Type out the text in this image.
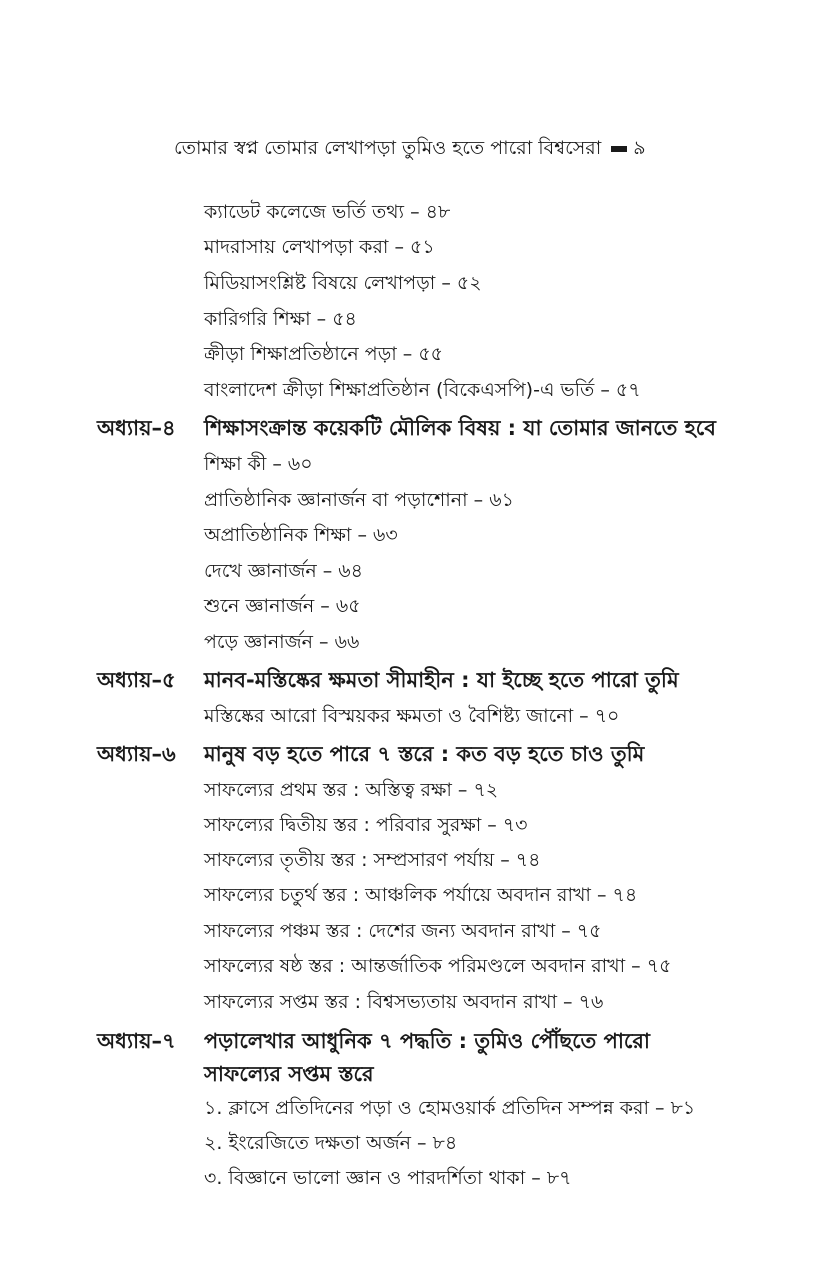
তোমার স্বপ্ন তোমার লেখাপড়া তুমিও হতে পারো বিশ্বসেরা ৯
ক্যাডেট কলেজে ভর্তি তথ্য – ৪৮
মাদরাসায় লেখাপড়া করা – ৫১
মিডিয়াসংশ্লিষ্ট বিষয়ে লেখাপড়া – ৫২
কারিগরি শিক্ষা – ৫৪
ক্রীড়া শিক্ষাপ্রতিষ্ঠানে পড়া – ৫৫
বাংলাদেশ ক্রীড়া শিক্ষাপ্রতিষ্ঠান (বিকেএসপি)-এ ভর্তি – ৫৭
অধ্যায়–৪ শিক্ষাসংক্রান্ত কয়েকটি মৌলিক বিষয় : যা তোমার জানতে হবে
শিক্ষা কী – ৬০
প্রাতিষ্ঠানিক জ্ঞানার্জন বা পড়াশোনা – ৬১
অপ্রাতিষ্ঠানিক শিক্ষা – ৬৩
দেখে জ্ঞানার্জন – ৬৪
শুনে জ্ঞানার্জন – ৬৫
পড়ে জ্ঞানার্জন – ৬৬
অধ্যায়–৫ মানব-মস্তিষ্কের ক্ষমতা সীমাহীন : যা ইচ্ছে হতে পারো তুমি
মস্তিষ্কের আরো বিস্ময়কর ক্ষমতা ও বৈশিষ্ট্য জানো – ৭০
অধ্যায়–৬ মানুষ বড় হতে পারে ৭ স্তরে : কত বড় হতে চাও তুমি
সাফল্যের প্রথম স্তর : অস্তিত্ব রক্ষা – ৭২
সাফল্যের দ্বিতীয় স্তর : পরিবার সুরক্ষা – ৭৩
সাফল্যের তৃতীয় স্তর : সম্প্রসারণ পর্যায় – ৭৪
সাফল্যের চতুর্থ স্তর : আঞ্চলিক পর্যায়ে অবদান রাখা – ৭৪
সাফল্যের পঞ্চম স্তর : দেশের জন্য অবদান রাখা – ৭৫
সাফল্যের ষষ্ঠ স্তর : আন্তর্জাতিক পরিমণ্ডলে অবদান রাখা – ৭৫
সাফল্যের সপ্তম স্তর : বিশ্বসভ্যতায় অবদান রাখা – ৭৬
অধ্যায়–৭ পড়ালেখার আধুনিক ৭ পদ্ধতি : তুমিও পৌঁছতে পারো
সাফল্যের সপ্তম স্তরে
১. ক্লাসে প্রতিদিনের পড়া ও হোমওয়ার্ক প্রতিদিন সম্পন্ন করা – ৮১
২. ইংরেজিতে দক্ষতা অর্জন – ৮৪
৩. বিজ্ঞানে ভালো জ্ঞান ও পারদর্শিতা থাকা – ৮৭
